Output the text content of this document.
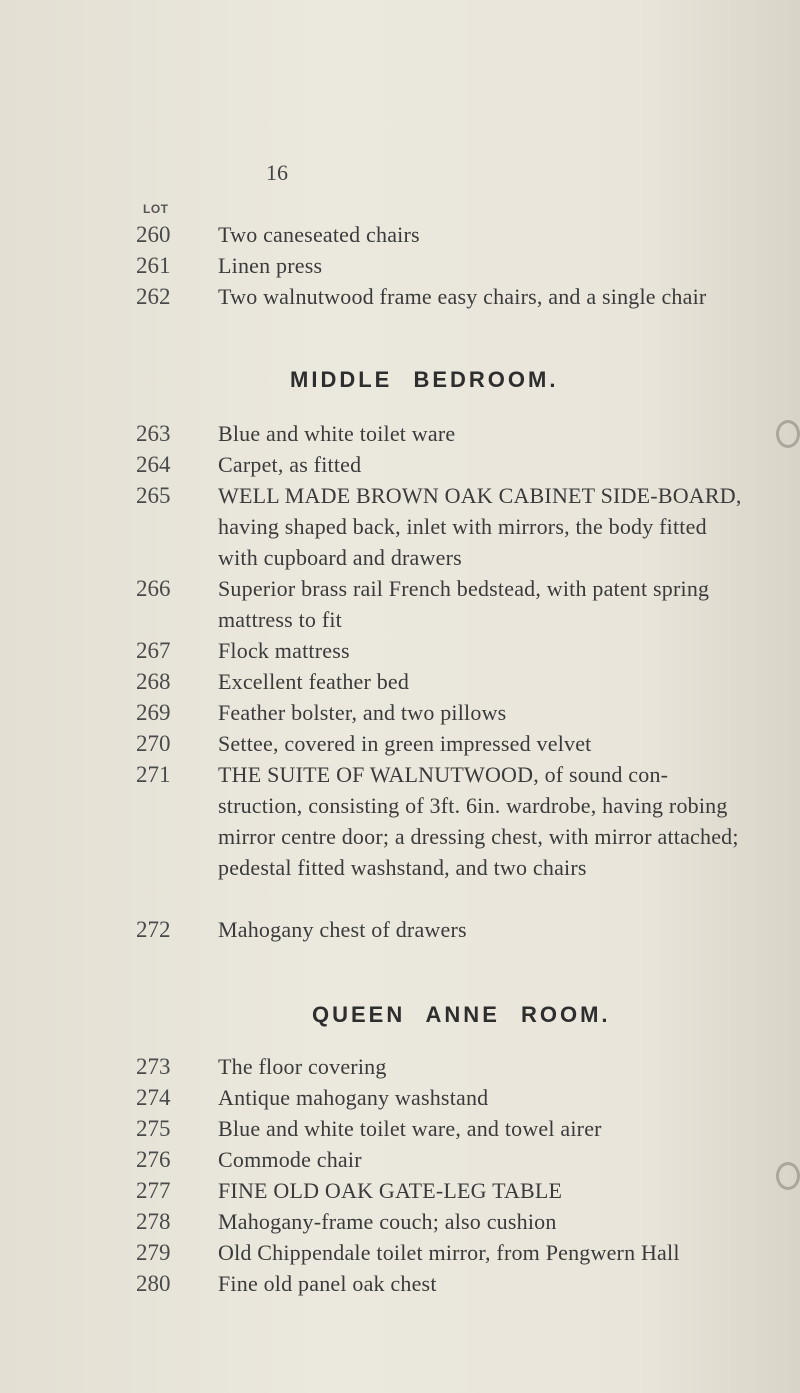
16
LOT
260	Two caneseated chairs
261	Linen press
262	Two walnutwood frame easy chairs, and a single chair
MIDDLE BEDROOM.
263	Blue and white toilet ware
264	Carpet, as fitted
265	WELL MADE BROWN OAK CABINET SIDE-BOARD, having shaped back, inlet with mirrors, the body fitted with cupboard and drawers
266	Superior brass rail French bedstead, with patent spring mattress to fit
267	Flock mattress
268	Excellent feather bed
269	Feather bolster, and two pillows
270	Settee, covered in green impressed velvet
271	THE SUITE OF WALNUTWOOD, of sound con-struction, consisting of 3ft. 6in. wardrobe, having robing mirror centre door; a dressing chest, with mirror attached; pedestal fitted washstand, and two chairs
272	Mahogany chest of drawers
QUEEN ANNE ROOM.
273	The floor covering
274	Antique mahogany washstand
275	Blue and white toilet ware, and towel airer
276	Commode chair
277	FINE OLD OAK GATE-LEG TABLE
278	Mahogany-frame couch; also cushion
279	Old Chippendale toilet mirror, from Pengwern Hall
280	Fine old panel oak chest
